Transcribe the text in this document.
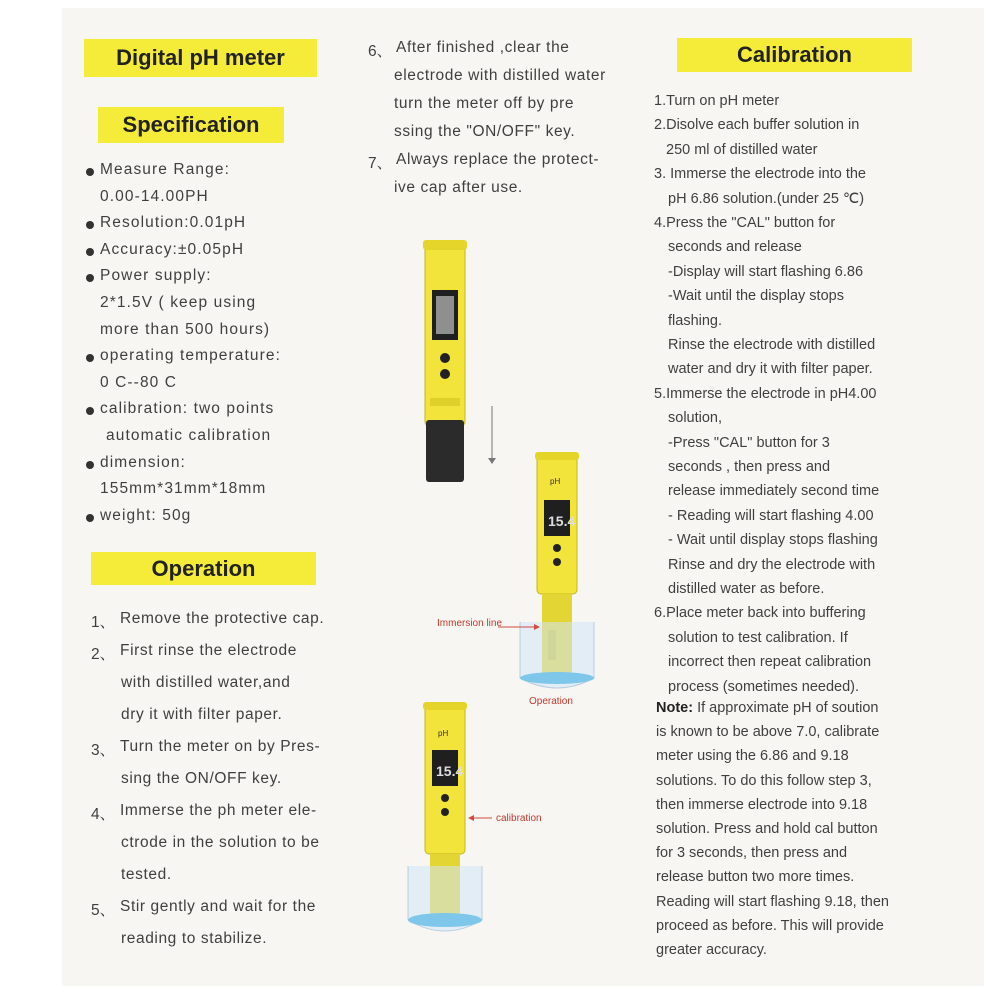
Digital pH meter
Specification
Operation
Calibration
Measure Range:
0.00-14.00PH
Resolution:0.01pH
Accuracy:±0.05pH
Power supply:
2*1.5V ( keep using
more than 500 hours)
operating temperature:
0 C--80 C
calibration: two points
automatic calibration
dimension:
155mm*31mm*18mm
weight: 50g
1、 Remove the protective cap.
2、 First rinse the electrode
with distilled water,and
dry it with filter paper.
3、 Turn the meter on by Pres-
sing the ON/OFF key.
4、 Immerse the ph meter ele-
ctrode in the solution to be
tested.
5、 Stir gently and wait for the
reading to stabilize.
6、 After finished ,clear the
electrode with distilled water
turn the meter off by pre
ssing the "ON/OFF" key.
7、 Always replace the protect-
ive cap after use.
1.Turn on pH meter
2.Disolve each buffer solution in
250 ml of distilled water
3. Immerse the electrode into the
pH 6.86 solution.(under 25 ℃)
4.Press the "CAL" button for
seconds and release
-Display will start flashing 6.86
-Wait until the display stops
flashing.
Rinse the electrode with distilled
water and dry it with filter paper.
5.Immerse the electrode in pH4.00
solution,
-Press "CAL" button for 3
seconds , then press and
release immediately second time
- Reading will start flashing 4.00
- Wait until display stops flashing
Rinse and dry the electrode with
distilled water as before.
6.Place meter back into buffering
solution to test calibration. If
incorrect then repeat calibration
process (sometimes needed).
Note: If approximate pH of soution
is known to be above 7.0, calibrate
meter using the 6.86 and 9.18
solutions. To do this follow step 3,
then immerse electrode into 9.18
solution. Press and hold cal button
for 3 seconds, then press and
release button two more times.
Reading will start flashing 9.18, then
proceed as before. This will provide
greater accuracy.
pH
15.4
pH
15.4
Immersion line
Operation
calibration
